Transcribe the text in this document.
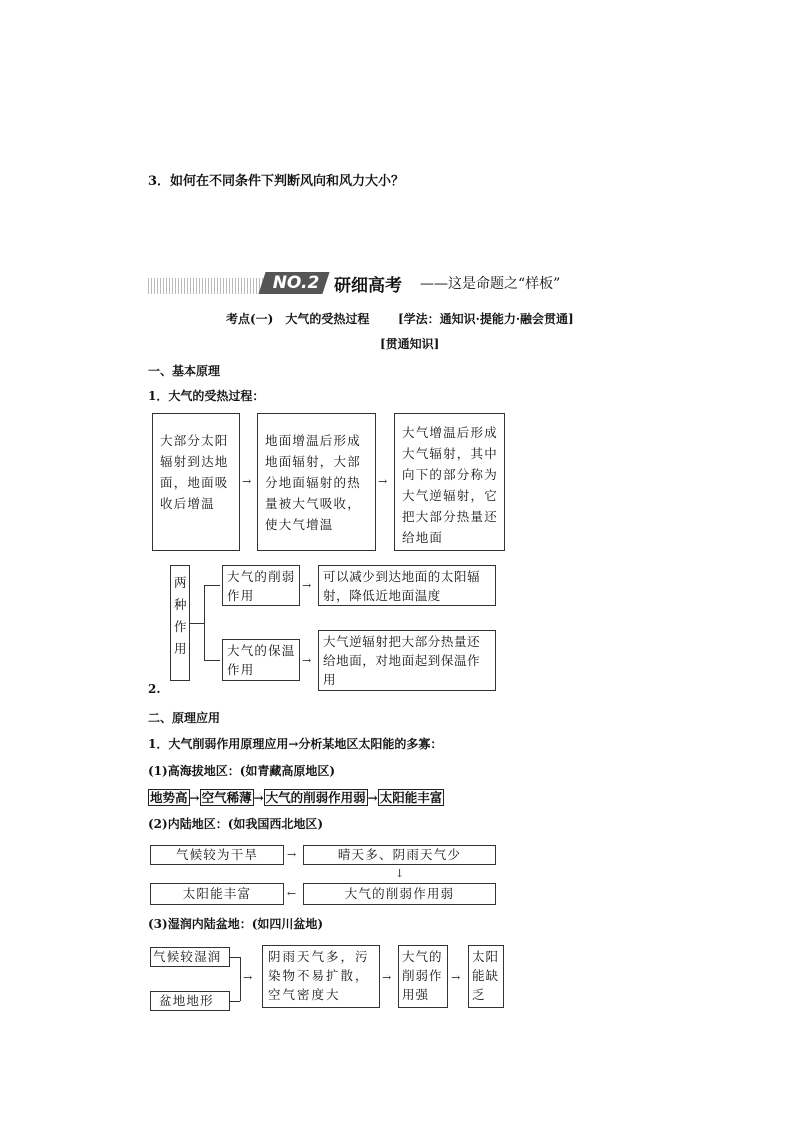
3．如何在不同条件下判断风向和风力大小？
NO.2 研细高考 ——这是命题之“样板”
考点(一)　大气的受热过程 [学法：通知识·提能力·融会贯通]
[贯通知识]
一、基本原理
1．大气的受热过程：
大部分太阳辐射到达地面，地面吸收后增温
→
地面增温后形成地面辐射，大部分地面辐射的热量被大气吸收，使大气增温
→
大气增温后形成大气辐射，其中向下的部分称为大气逆辐射，它把大部分热量还给地面
两种作用
大气的削弱作用
→
可以减少到达地面的太阳辐射，降低近地面温度
大气的保温作用
→
大气逆辐射把大部分热量还给地面，对地面起到保温作用
2.
二、原理应用
1．大气削弱作用原理应用→分析某地区太阳能的多寡：
(1)高海拔地区：(如青藏高原地区)
地势高 → 空气稀薄 → 大气的削弱作用弱 → 太阳能丰富
(2)内陆地区：(如我国西北地区)
气候较为干旱	→	晴天多、阴雨天气少
↓
太阳能丰富	←	大气的削弱作用弱
(3)湿润内陆盆地：(如四川盆地)
气候较湿润
盆地地形
→
阴雨天气多，污染物不易扩散，空气密度大
→
大气的削弱作用强
→
太阳能缺乏
